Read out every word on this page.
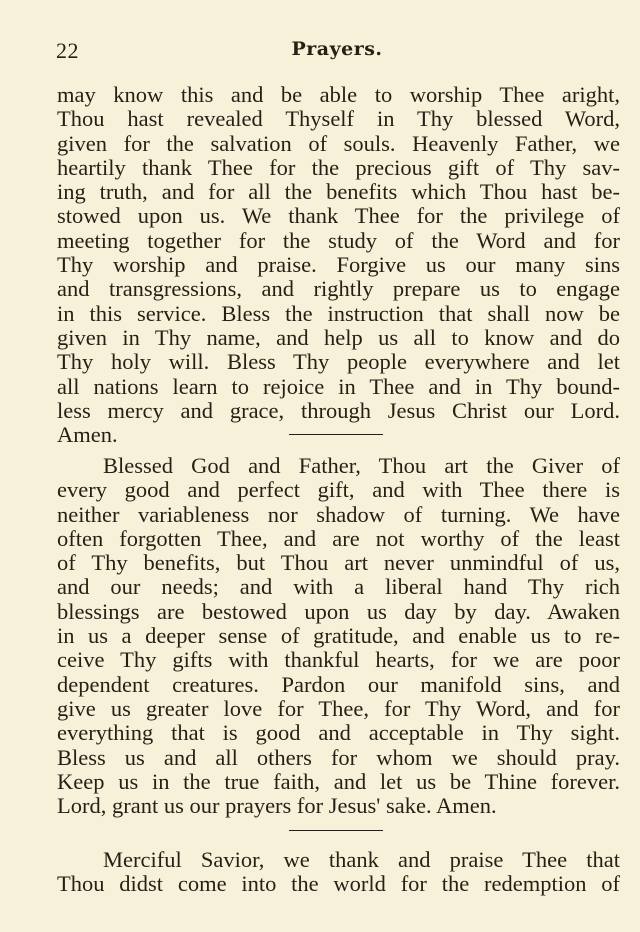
22	Prayers.
may know this and be able to worship Thee aright,
Thou hast revealed Thyself in Thy blessed Word,
given for the salvation of souls. Heavenly Father, we
heartily thank Thee for the precious gift of Thy sav-
ing truth, and for all the benefits which Thou hast be-
stowed upon us. We thank Thee for the privilege of
meeting together for the study of the Word and for
Thy worship and praise. Forgive us our many sins
and transgressions, and rightly prepare us to engage
in this service. Bless the instruction that shall now be
given in Thy name, and help us all to know and do
Thy holy will. Bless Thy people everywhere and let
all nations learn to rejoice in Thee and in Thy bound-
less mercy and grace, through Jesus Christ our Lord.
Amen.
Blessed God and Father, Thou art the Giver of
every good and perfect gift, and with Thee there is
neither variableness nor shadow of turning. We have
often forgotten Thee, and are not worthy of the least
of Thy benefits, but Thou art never unmindful of us,
and our needs; and with a liberal hand Thy rich
blessings are bestowed upon us day by day. Awaken
in us a deeper sense of gratitude, and enable us to re-
ceive Thy gifts with thankful hearts, for we are poor
dependent creatures. Pardon our manifold sins, and
give us greater love for Thee, for Thy Word, and for
everything that is good and acceptable in Thy sight.
Bless us and all others for whom we should pray.
Keep us in the true faith, and let us be Thine forever.
Lord, grant us our prayers for Jesus' sake. Amen.
Merciful Savior, we thank and praise Thee that
Thou didst come into the world for the redemption of
